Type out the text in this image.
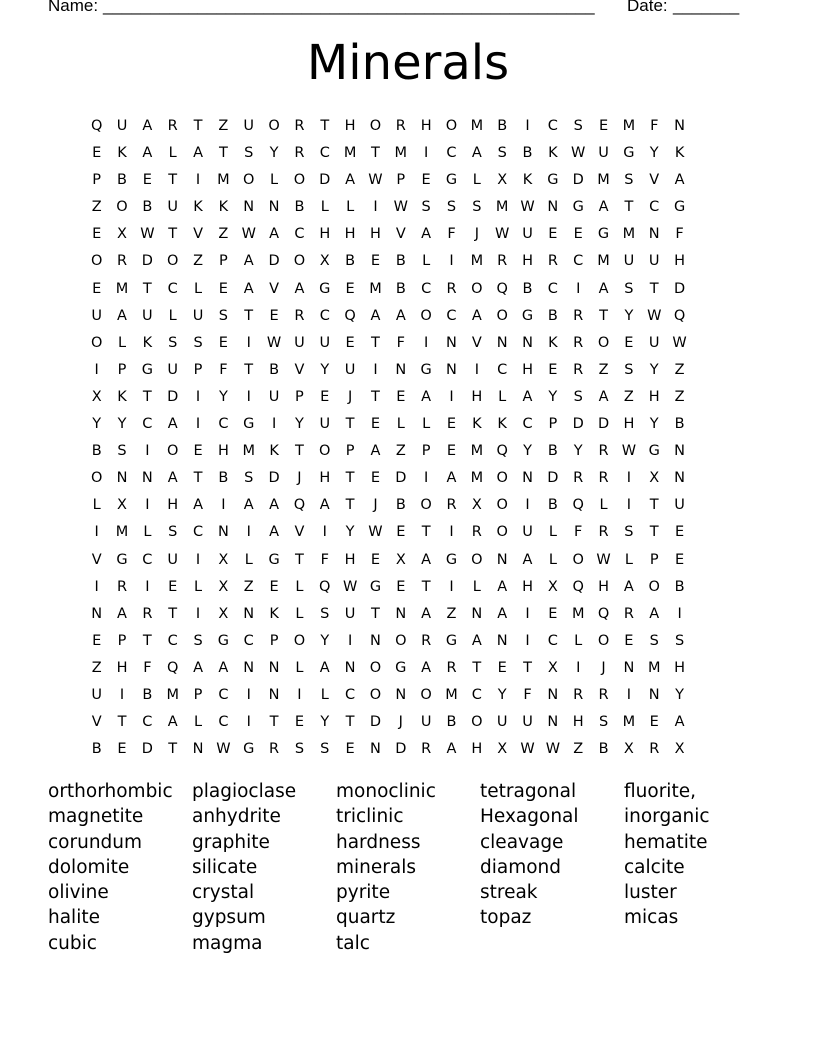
Name: ____________________________________________________ Date: _______
Minerals
Q U	A	R	T	Z	U O	R	T	H O	R	H O M B	I	C	S	E	M	F	N
E	K	A	L	A	T	S	Y	R	C M	T	M	I	C	A	S	B	K W U G	Y	K
P	B	E	T	I	M O	L	O D	A W P	E	G	L	X	K	G D M S	V	A
Z	O	B	U	K	K	N N	B	L	L	I	W S	S	S M W N G	A	T	C	G
E	X W T	V	Z W A	C	H H H	V	A	F	J	W U	E	E	G M N	F
O	R	D O	Z	P	A	D O	X	B	E	B	L	I	M R	H	R	C M U	U	H
E	M	T	C	L	E	A	V	A	G	E	M B	C	R	O Q	B	C	I	A	S	T	D
U	A	U	L	U	S	T	E	R	C	Q	A	A	O	C	A	O G	B	R	T	Y W Q
O	L	K	S	S	E	I	W U	U	E	T	F	I	N	V	N N	K	R	O	E	U W
I	P	G U	P	F	T	B	V	Y	U	I	N G N	I	C	H	E	R	Z	S	Y	Z
X	K	T	D	I	Y	I	U	P	E	J	T	E	A	I	H	L	A	Y	S	A	Z	H	Z
Y	Y	C	A	I	C	G	I	Y	U	T	E	L	L	E	K	K	C	P	D D H	Y	B
B	S	I	O	E	H M K	T	O	P	A	Z	P	E	M Q	Y	B	Y	R W G N
O N N	A	T	B	S	D	J	H	T	E	D	I	A M O N D	R	R	I	X	N
L	X	I	H	A	I	A	A	Q	A	T	J	B	O	R	X	O	I	B	Q	L	I	T	U
I	M	L	S	C	N	I	A	V	I	Y W E	T	I	R	O U	L	F	R	S	T	E
V	G	C	U	I	X	L	G	T	F	H	E	X	A	G O N	A	L	O W L	P	E
I	R	I	E	L	X	Z	E	L	Q W G	E	T	I	L	A	H	X	Q H	A	O	B
N	A	R	T	I	X	N	K	L	S	U	T	N	A	Z	N	A	I	E	M Q	R	A	I
E	P	T	C	S	G	C	P	O	Y	I	N O	R	G	A	N	I	C	L	O	E	S	S
Z	H	F	Q	A	A	N N	L	A	N O G	A	R	T	E	T	X	I	J	N M H
U	I	B M	P	C	I	N	I	L	C	O N O M C	Y	F	N	R	R	I	N	Y
V	T	C	A	L	C	I	T	E	Y	T	D	J	U	B	O U	U	N H	S M	E	A
B	E	D	T	N W G	R	S	S	E	N D	R	A	H	X W W Z	B	X	R	X
orthorhombic
magnetite
corundum
dolomite
olivine
halite
cubic
plagioclase
anhydrite
graphite
silicate
crystal
gypsum
magma
monoclinic
triclinic
hardness
minerals
pyrite
quartz
talc
tetragonal
Hexagonal
cleavage
diamond
streak
topaz
fluorite,
inorganic
hematite
calcite
luster
micas
